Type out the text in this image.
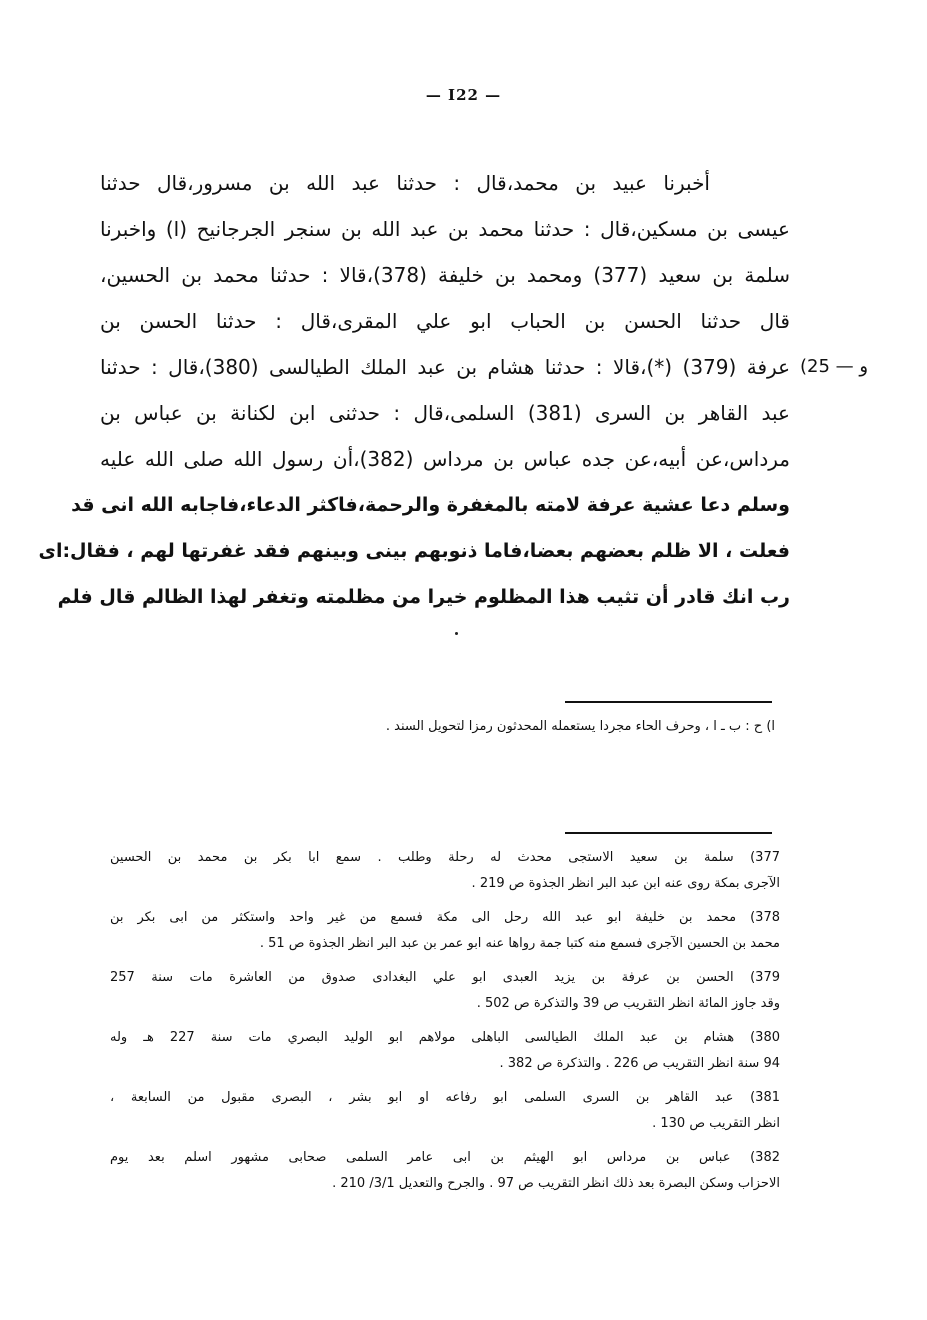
— I22 —
(25 — و
أخبرنا عبيد بن محمد،قال : حدثنا عبد الله بن مسرور،قال حدثنا
عيسى بن مسكين،قال : حدثنا محمد بن عبد الله بن سنجر الجرجانيح (ا) واخبرنا
سلمة بن سعيد (377) ومحمد بن خليفة (378)،قالا : حدثنا محمد بن الحسين،
قال حدثنا الحسن بن الحباب ابو علي المقرى،قال : حدثنا الحسن بن
عرفة (379) (*)،قالا : حدثنا هشام بن عبد الملك الطيالسى (380)،قال : حدثنا
عبد القاهر بن السرى (381) السلمى،قال : حدثنى ابن لكنانة بن عباس بن
مرداس،عن أبيه،عن جده عباس بن مرداس (382)،أن رسول الله صلى الله عليه
وسلم دعا عشية عرفة لامته بالمغفرة والرحمة،فاكثر الدعاء،فاجابه الله انى قد
فعلت ، الا ظلم بعضهم بعضا،فاما ذنوبهم بينى وبينهم فقد غفرتها لهم ، فقال:اى
رب انك قادر أن تثيب هذا المظلوم خيرا من مظلمته وتغفر لهذا الظالم قال فلم
ا) ح : ب ـ ا ، وحرف الحاء مجردا يستعمله المحدثون رمزا لتحويل السند .
377) سلمة بن سعيد الاستجى محدث له رحلة وطلب . سمع ابا بكر بن محمد بن الحسين
الآجرى بمكة روى عنه ابن عبد البر انظر الجذوة ص 219 .
378) محمد بن خليفة ابو عبد الله رحل الى مكة فسمع من غير واحد واستكثر من ابى بكر بن
محمد بن الحسين الآجرى فسمع منه كتبا جمة رواها عنه ابو عمر بن عبد البر انظر الجذوة ص 51 .
379) الحسن بن عرفة بن يزيد العبدى ابو علي البغدادى صدوق من العاشرة مات سنة 257
وقد جاوز المائة انظر التقريب ص 39 والتذكرة ص 502 .
380) هشام بن عبد الملك الطيالسى الباهلى مولاهم ابو الوليد البصري مات سنة 227 هـ وله
94 سنة انظر التقريب ص 226 . والتذكرة ص 382 .
381) عبد القاهر بن السرى السلمى ابو رفاعه او ابو بشر ، البصرى مقبول من السابعة ،
انظر التقريب ص 130 .
382) عباس بن مرداس ابو الهيثم بن ابى عامر السلمى صحابى مشهور اسلم بعد يوم
الاحزاب وسكن البصرة بعد ذلك انظر التقريب ص 97 . والجرح والتعديل 3/1/ 210 .
